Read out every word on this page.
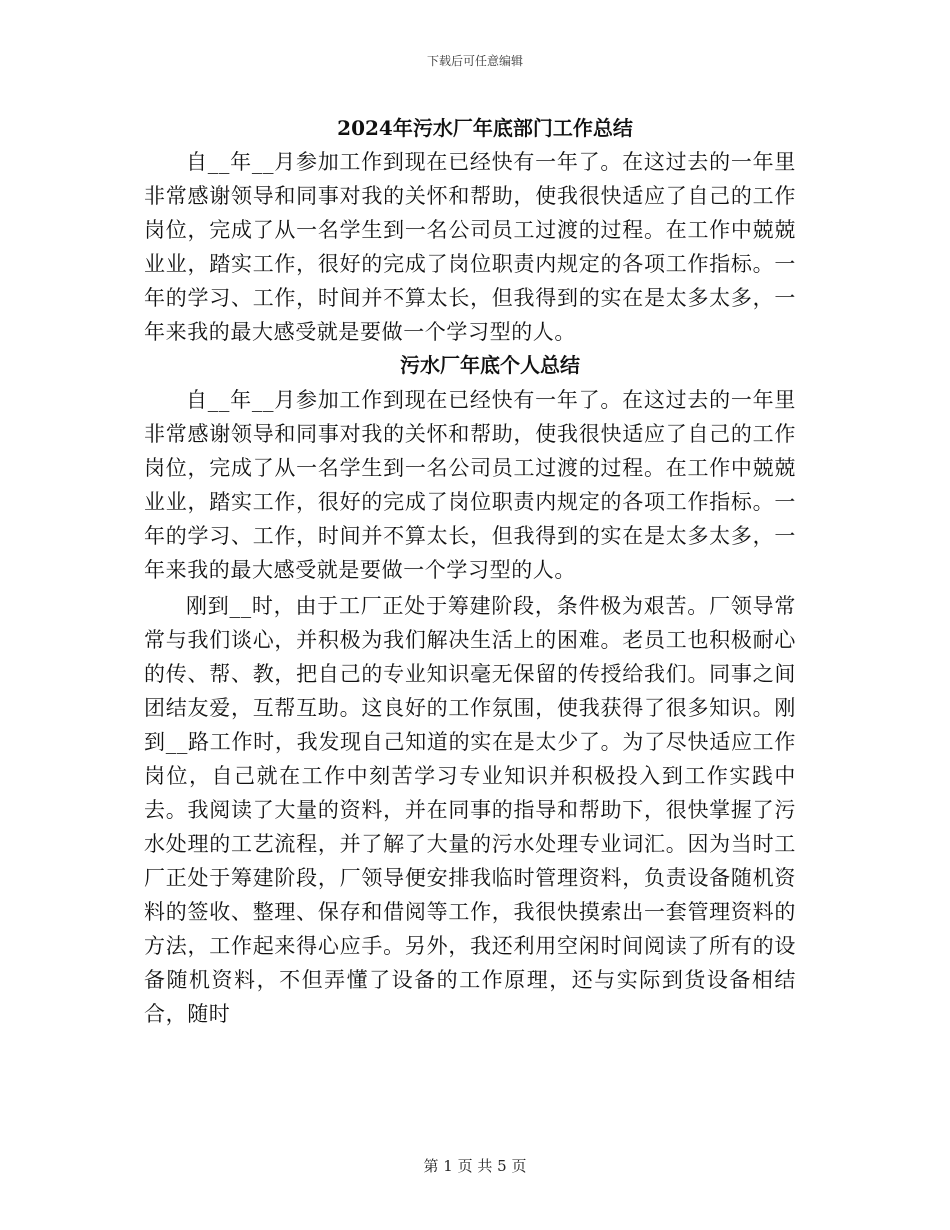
下载后可任意编辑
2024年污水厂年底部门工作总结

自__年__月参加工作到现在已经快有一年了。在这过去的一年里非常感谢领导和同事对我的关怀和帮助，使我很快适应了自己的工作岗位，完成了从一名学生到一名公司员工过渡的过程。在工作中兢兢业业，踏实工作，很好的完成了岗位职责内规定的各项工作指标。一年的学习、工作，时间并不算太长，但我得到的实在是太多太多，一年来我的最大感受就是要做一个学习型的人。

污水厂年底个人总结

自__年__月参加工作到现在已经快有一年了。在这过去的一年里非常感谢领导和同事对我的关怀和帮助，使我很快适应了自己的工作岗位，完成了从一名学生到一名公司员工过渡的过程。在工作中兢兢业业，踏实工作，很好的完成了岗位职责内规定的各项工作指标。一年的学习、工作，时间并不算太长，但我得到的实在是太多太多，一年来我的最大感受就是要做一个学习型的人。

刚到__时，由于工厂正处于筹建阶段，条件极为艰苦。厂领导常常与我们谈心，并积极为我们解决生活上的困难。老员工也积极耐心的传、帮、教，把自己的专业知识毫无保留的传授给我们。同事之间团结友爱，互帮互助。这良好的工作氛围，使我获得了很多知识。刚到__路工作时，我发现自己知道的实在是太少了。为了尽快适应工作岗位，自己就在工作中刻苦学习专业知识并积极投入到工作实践中去。我阅读了大量的资料，并在同事的指导和帮助下，很快掌握了污水处理的工艺流程，并了解了大量的污水处理专业词汇。因为当时工厂正处于筹建阶段，厂领导便安排我临时管理资料，负责设备随机资料的签收、整理、保存和借阅等工作，我很快摸索出一套管理资料的方法，工作起来得心应手。另外，我还利用空闲时间阅读了所有的设备随机资料，不但弄懂了设备的工作原理，还与实际到货设备相结合，随时

第 1 页 共 5 页
